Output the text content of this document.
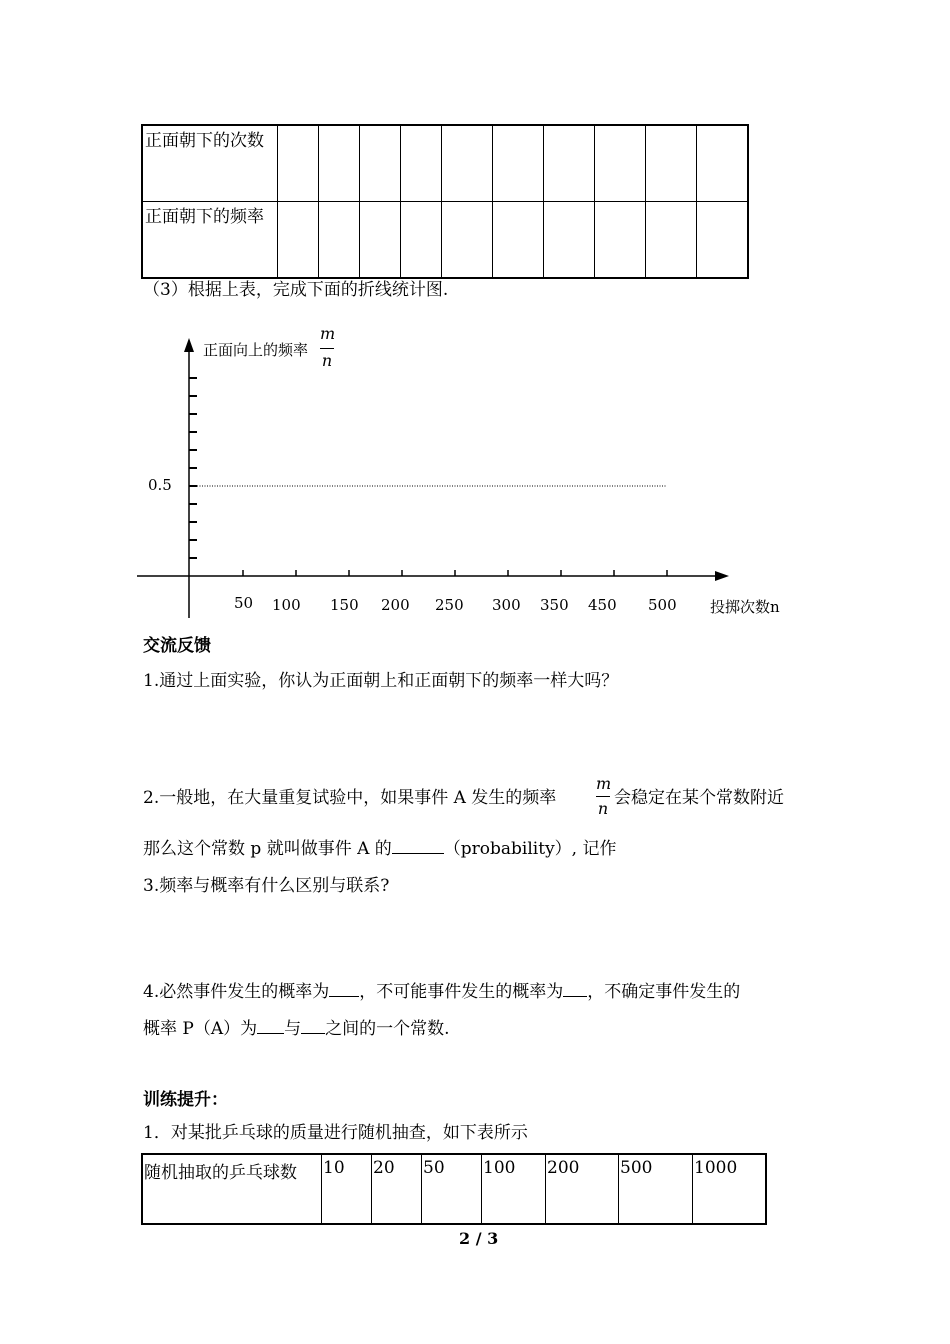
正面朝下的次数										
正面朝下的频率										
（3）根据上表，完成下面的折线统计图.
正面向上的频率
m
n
0.5
50 100 150 200 250 300 350 450 500 投掷次数n
交流反馈
1.通过上面实验，你认为正面朝上和正面朝下的频率一样大吗？
2.一般地，在大量重复试验中，如果事件 A 发生的频率
m
n
会稳定在某个常数附近
那么这个常数 p 就叫做事件 A 的	（probability）, 记作
3.频率与概率有什么区别与联系?
4.必然事件发生的概率为 ，不可能事件发生的概率为 ，不确定事件发生的
概率 P（A）为 与 之间的一个常数.
训练提升：
1．对某批乒乓球的质量进行随机抽查，如下表所示
随机抽取的乒乓球数	10	20	50	100	200	500	1000
2 / 3
